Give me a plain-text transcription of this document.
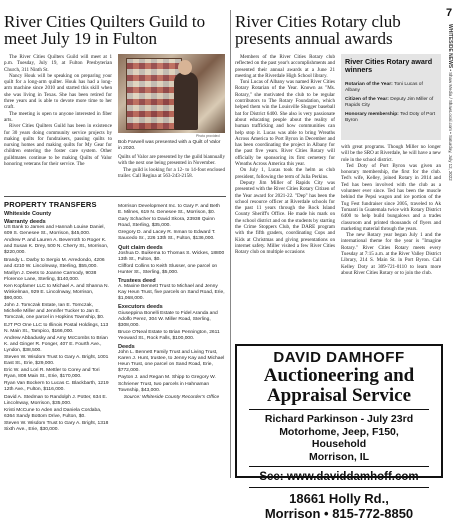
River Cities Quilters Guild to meet July 19 in Fulton

The River Cities Quilters Guild will meet at 1 p.m. Tuesday, July 19, at Fulton Presbyterian Church, 311 Ninth St.

Nancy Houk will be speaking on preparing your quilt for a long-arm quilter. Houk has had a long-arm machine since 2010 and started this skill when she was living in Texas. She has been retired for three years and is able to devote more time to her craft.

The meeting is open to anyone interested in fiber arts.

River Cities Quilters Guild has been in existence for 30 years doing community service projects by making quilts for fundraisers, passing quilts to nursing homes and making quilts for My Gear for children entering the foster care system. Other guildmates continue to be making Quilts of Valor honoring veterans for their service. The

Photo provided
Bob Farwell was presented with a Quilt of Valor in 2020.

Quilts of Valor are presented by the guild biannually with the next one being presented in November.

The guild is looking for a 12- to 14-foot enclosed trailer. Call Regina at 563-243-2158.

PROPERTY TRANSFERS
Whiteside County
Warranty deeds
US Bank to James and Hannah Louise Daniel, 609 S. Genesee St., Morrison, $45,000.
Andrew P. and Lauren A. Beverroth to Roger K. and Susan K. Drey, 500 N. Cherry St., Morrison, $220,000.
Brandy L. Darby to Sergio M. Arredondo, 4206 and 4210 W. Lincolnway, Sterling, $55,000.
Marilyn J. Deets to Joanne Carmody, 9038 Florence Lane, Sterling, $140,000.
Ken Kopfamer LLC to Michael A. and Shanna N. Winkelman, 929 E. Lincolnway, Morrison, $90,000.
John J. Tomczak Estate, Ian E. Tomczak, Michelle Miller and Jennifer Tucker to Jan E. Tomczak, one parcel in Hopkins Township, $0.
EJT PO One LLC to Illinois Postal Holdings, 113 N. Main St., Tampico, $166,000.
Andrew Abbadusky and Amy McCombs to Brian K. and Ginger R. Fonger, 407 E. Fourth Ave., Lyndon, $38,500.
Steven W. Wisdom Trust to Gary A. Bright, 1001 East St., Erie, $29,000.
Eric W. and Lori R. Mettler to Corey and Tori Ryan, 808 Main St., Erie, $170,000.
Ryan Van Bockern to Lucas C. Blackbarth, 1219 12th Ave., Fulton, $116,000.
David A. Stedman to Randolph J. Potter, 634 E. Lincolnway, Morrison, $35,000.
Kristi McCune to Aden and Daniela Cordaba, 6364 Sandy Bottom Drive, Fulton, $0.
Steven W. Wisdom Trust to Gary A. Bright, 1318 Sixth Ave., Erie, $30,000.
Morrison Development Inc. to Gary F. and Beth E. Milnes, 619 N. Genesee St., Morrison, $0.
Gary Schacher to David Skora, 23938 Quinn Road, Sterling, $35,000.
Gregory D. and Lacey R. Inman to Edward T. Saucedo Sr., 226 13th St., Fulton, $136,000.
Quit claim deeds
Joshua D. Buikema to Thomas S. Wickes, 18800 13th St., Fulton, $0.
Clifford Collins to Keith Slusser, one parcel on Hunter St., Sterling, $5,000.
Trustees deed
A. Maxine Bennett Trust to Michael and Jenny Kay Heun Trust, five parcels on Sand Road, Erie, $1,068,000.
Executors deeds
Giuseppina Bonelli Estate to Fidel Aranda and Adolfo Perez, 304 W. Miller Road, Sterling, $308,000.
Bruce O'Neal Estate to Brian Pennington, 2611 Yeoward St., Rock Falls, $100,000.
Deeds
John L. Bennett Family Trust and Living Trust, Karen J. Hunt, trustee, to Jenny Kay and Michael Heun Trust, one parcel on Sand Road, Erie, $772,000.
Payton J. and Regan M. Shipp to Gregory W. Schriener Trust, two parcels in Hahnaman Township, $43,000.
Source: Whiteside County Recorder's Office
River Cities Rotary club presents annual awards
7
WHITESIDE NEWS • Shaw Media / ShawLocal.com • Saturday, July 12, 2022

Members of the River Cities Rotary club reflected on the past year's accomplishments and presented their annual awards at a June 21 meeting at the Riverdale High School library.

Toni Lucas of Albany was named River Cities Rotary Rotarian of the Year. Known as "Ms. Rotary," she motivated the club to be regular contributors to The Rotary Foundation, which helped them win the Louisville Slugger baseball bat for District 6400. She also is very passionate about educating people about the reality of human trafficking and how communities can help stop it. Lucas was able to bring Wreaths Across America to Port Byron in December and has been coordinating the project in Albany for the past five years. River Cities Rotary will officially be sponsoring its first cemetery for Wreaths Across America this year.

On July 1, Lucas took the helm as club president, following the term of Julia Perkins.

Deputy Jim Miller of Rapids City was presented with the River Cities Rotary Citizen of the Year award for 2021-22. "Dep" has been the school resource officer at Riverdale schools for the past 11 years through the Rock Island County Sheriff's Office. He made his mark on the school district and on the students by starting the Crime Stoppers Club, the DARE program with the fifth graders, coordinating Cops and Kids at Christmas and giving presentations on internet safety. Miller visited a few River Cities Rotary club on multiple occasions

River Cities Rotary award winners
Rotarian of the Year: Toni Lucas of Albany
Citizen of the Year: Deputy Jim Miller of Rapids City
Honorary membership: Ted Doty of Port Byron

with great programs. Though Miller no longer will be the SRO at Riverdale, he will have a new role in the school district.

Ted Doty of Port Byron was given an honorary membership, the first for the club. Ted's wife, Kelley, joined Rotary in 2014 and Ted has been involved with the club as a volunteer ever since. Ted has been the muscle behind the Pepsi wagon and ice portion of the Tug Fest fundraiser since 2005, traveled to Ak Tomanti in Guatemala twice with Rotary District 6400 to help build bungalows and a trades classroom and printed thousands of flyers and marketing material through the years.

The new Rotary year began July 1 and the international theme for the year is "Imagine Rotary." River Cities Rotary meets every Tuesday at 7:15 a.m. at the River Valley District Library, 214 S. Main St. in Port Byron. Call Kelley Doty at 309-721-0110 to learn more about River Cities Rotary or to join the club.

DAVID DAMHOFF
Auctioneering and
Appraisal Service
Richard Parkinson - July 23rd
Motorhome, Jeep, F150,
Household
Morrison, IL
See: www.daviddamhoff.com
18661 Holly Rd.,
Morrison • 815-772-8850
